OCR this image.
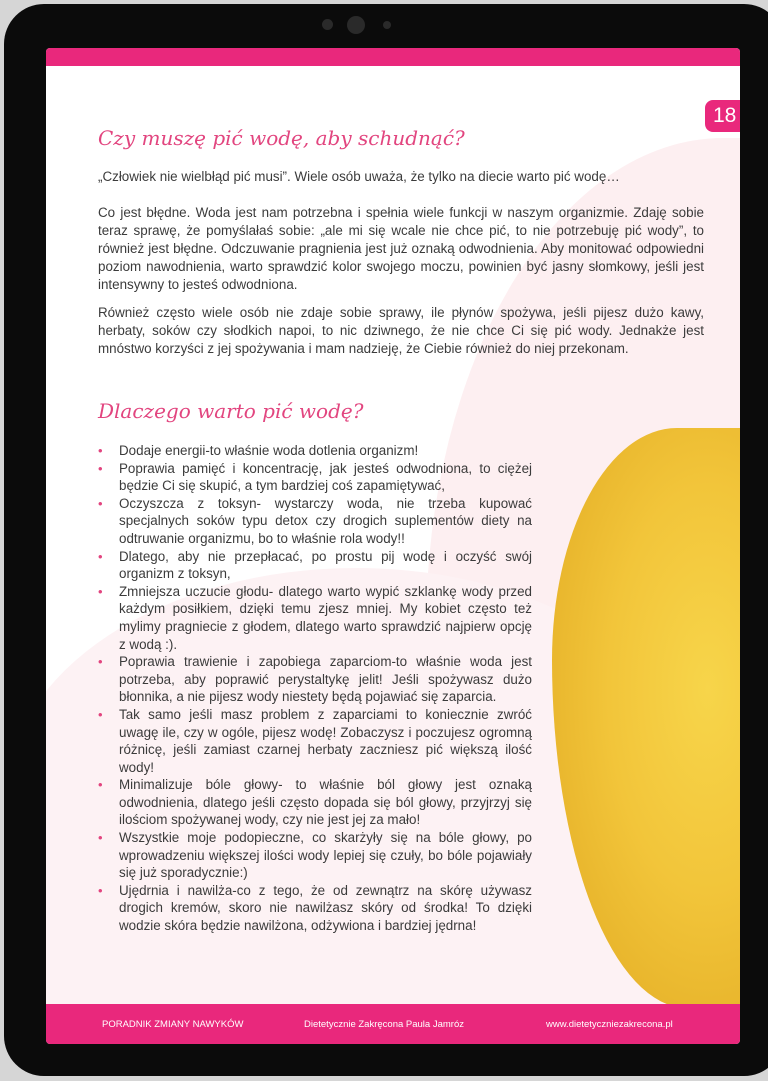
18
Czy muszę pić wodę, aby schudnąć?

„Człowiek nie wielbłąd pić musi”. Wiele osób uważa, że tylko na diecie warto pić wodę…

Co jest błędne. Woda jest nam potrzebna i spełnia wiele funkcji w naszym organizmie. Zdaję sobie teraz sprawę, że pomyślałaś sobie: „ale mi się wcale nie chce pić, to nie potrzebuję pić wody”, to również jest błędne. Odczuwanie pragnienia jest już oznaką odwodnienia. Aby monitować odpowiedni poziom nawodnienia, warto sprawdzić kolor swojego moczu, powinien być jasny słomkowy, jeśli jest intensywny to jesteś odwodniona.

Również często wiele osób nie zdaje sobie sprawy, ile płynów spożywa, jeśli pijesz dużo kawy, herbaty, soków czy słodkich napoi, to nic dziwnego, że nie chce Ci się pić wody. Jednakże jest mnóstwo korzyści z jej spożywania i mam nadzieję, że Ciebie również do niej przekonam.

Dlaczego warto pić wodę?
• Dodaje energii-to właśnie woda dotlenia organizm!
• Poprawia pamięć i koncentrację, jak jesteś odwodniona, to ciężej będzie Ci się skupić, a tym bardziej coś zapamiętywać,
• Oczyszcza z toksyn- wystarczy woda, nie trzeba kupować specjalnych soków typu detox czy drogich suplementów diety na odtruwanie organizmu, bo to właśnie rola wody!!
• Dlatego, aby nie przepłacać, po prostu pij wodę i oczyść swój organizm z toksyn,
• Zmniejsza uczucie głodu- dlatego warto wypić szklankę wody przed każdym posiłkiem, dzięki temu zjesz mniej. My kobiet często też mylimy pragniecie z głodem, dlatego warto sprawdzić najpierw opcję z wodą :).
• Poprawia trawienie i zapobiega zaparciom-to właśnie woda jest potrzeba, aby poprawić perystaltykę jelit! Jeśli spożywasz dużo błonnika, a nie pijesz wody niestety będą pojawiać się zaparcia.
• Tak samo jeśli masz problem z zaparciami to koniecznie zwróć uwagę ile, czy w ogóle, pijesz wodę! Zobaczysz i poczujesz ogromną różnicę, jeśli zamiast czarnej herbaty zaczniesz pić większą ilość wody!
• Minimalizuje bóle głowy- to właśnie ból głowy jest oznaką odwodnienia, dlatego jeśli często dopada się ból głowy, przyjrzyj się ilościom spożywanej wody, czy nie jest jej za mało!
• Wszystkie moje podopieczne, co skarżyły się na bóle głowy, po wprowadzeniu większej ilości wody lepiej się czuły, bo bóle pojawiały się już sporadycznie:)
• Ujędrnia i nawilża-co z tego, że od zewnątrz na skórę używasz drogich kremów, skoro nie nawilżasz skóry od środka! To dzięki wodzie skóra będzie nawilżona, odżywiona i bardziej jędrna!
PORADNIK ZMIANY NAWYKÓW	Dietetycznie Zakręcona Paula Jamróz	www.dietetyczniezakrecona.pl
